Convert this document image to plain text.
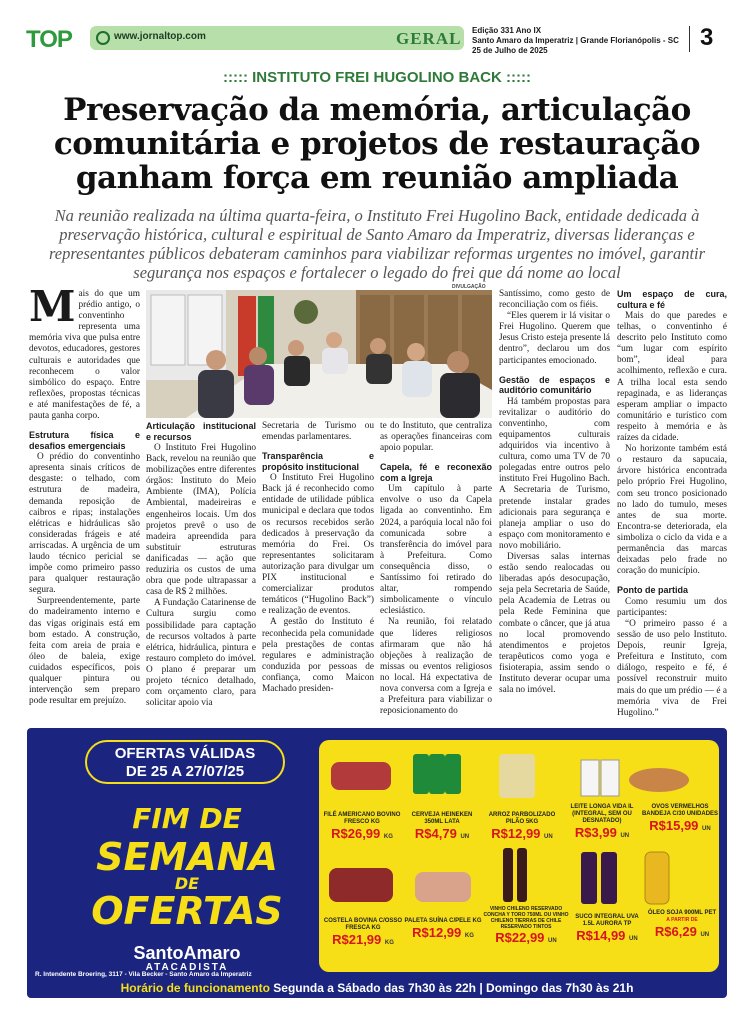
TOP	www.jornaltop.com	GERAL Edição 331 Ano IX
Santo Amaro da Imperatriz | Grande Florianópolis - SC
25 de Julho de 2025	3
::::: INSTITUTO FREI HUGOLINO BACK :::::
Preservação da memória, articulação comunitária e projetos de restauração ganham força em reunião ampliada
Na reunião realizada na última quarta-feira, o Instituto Frei Hugolino Back, entidade dedicada à preservação histórica, cultural e espiritual de Santo Amaro da Imperatriz, diversas lideranças e representantes públicos debateram caminhos para viabilizar reformas urgentes no imóvel, garantir segurança nos espaços e fortalecer o legado do frei que dá nome ao local
DIVULGAÇÃO

Mais do que um prédio antigo, o conventinho representa uma memória viva que pulsa entre devotos, educadores, gestores culturais e autoridades que reconhecem o valor simbólico do espaço. Entre reflexões, propostas técnicas e até manifestações de fé, a pauta ganha corpo.

Estrutura física e desafios emergenciais

O prédio do conventinho apresenta sinais críticos de desgaste: o telhado, com estrutura de madeira, demanda reposição de caibros e ripas; instalações elétricas e hidráulicas são consideradas frágeis e até arriscadas. A urgência de um laudo técnico pericial se impõe como primeiro passo para qualquer restauração segura.

Surpreendentemente, parte do madeiramento interno e das vigas originais está em bom estado. A construção, feita com areia de praia e óleo de baleia, exige cuidados específicos, pois qualquer pintura ou intervenção sem preparo pode resultar em prejuízo.

Articulação institucional e recursos

O Instituto Frei Hugolino Back, revelou na reunião que mobilizações entre diferentes órgãos: Instituto do Meio Ambiente (IMA), Polícia Ambiental, madeireiras e engenheiros locais. Um dos projetos prevê o uso de madeira apreendida para substituir estruturas danificadas — ação que reduziria os custos de uma obra que pode ultrapassar a casa de R$ 2 milhões.

A Fundação Catarinense de Cultura surgiu como possibilidade para captação de recursos voltados à parte elétrica, hidráulica, pintura e restauro completo do imóvel. O plano é preparar um projeto técnico detalhado, com orçamento claro, para solicitar apoio via

Secretaria de Turismo ou emendas parlamentares.

Transparência e propósito institucional

O Instituto Frei Hugolino Back já é reconhecido como entidade de utilidade pública municipal e declara que todos os recursos recebidos serão dedicados à preservação da memória do Frei. Os representantes solicitaram autorização para divulgar um PIX institucional e comercializar produtos temáticos (“Hugolino Back”) e realização de eventos.

A gestão do Instituto é reconhecida pela comunidade pela prestações de contas regulares e administração conduzida por pessoas de confiança, como Maicon Machado presiden-

te do Instituto, que centraliza as operações financeiras com apoio popular.

Capela, fé e reconexão com a Igreja

Um capítulo à parte envolve o uso da Capela ligada ao conventinho. Em 2024, a paróquia local não foi comunicada sobre a transferência do imóvel para à Prefeitura. Como consequência disso, o Santíssimo foi retirado do altar, rompendo simbolicamente o vínculo eclesiástico.

Na reunião, foi relatado que líderes religiosos afirmaram que não há objeções à realização de missas ou eventos religiosos no local. Há expectativa de nova conversa com a Igreja e a Prefeitura para viabilizar o reposicionamento do

Santíssimo, como gesto de reconciliação com os fiéis.

“Eles querem ir lá visitar o Frei Hugolino. Querem que Jesus Cristo esteja presente lá dentro”, declarou um dos participantes emocionado.

Gestão de espaços e auditório comunitário

Há também propostas para revitalizar o auditório do conventinho, com equipamentos culturais adquiridos via incentivo à cultura, como uma TV de 70 polegadas entre outros pelo instituto Frei Hugolino Bach. A Secretaria de Turismo, pretende instalar grades adicionais para segurança e planeja ampliar o uso do espaço com monitoramento e novo mobiliário.

Diversas salas internas estão sendo realocadas ou liberadas após desocupação, seja pela Secretaria de Saúde, pela Academia de Letras ou pela Rede Feminina que combate o câncer, que já atua no local promovendo atendimentos e projetos terapêuticos como yoga e fisioterapia, assim sendo o Instituto deverar ocupar uma sala no imóvel.

Um espaço de cura, cultura e fé

Mais do que paredes e telhas, o conventinho é descrito pelo Instituto como “um lugar com espírito bom”, ideal para acolhimento, reflexão e cura. A trilha local esta sendo repaginada, e as lideranças esperam ampliar o impacto comunitário e turístico com respeito à memória e às raízes da cidade.

No horizonte também está o restauro da sapucaia, árvore histórica encontrada pelo próprio Frei Hugolino, com seu tronco posicionado no lado do tumulo, meses antes de sua morte. Encontra-se deteriorada, ela simboliza o ciclo da vida e a permanência das marcas deixadas pelo frade no coração do município.

Ponto de partida

Como resumiu um dos participantes:

“O primeiro passo é a sessão de uso pelo Instituto. Depois, reunir Igreja, Prefeitura e Instituto, com diálogo, respeito e fé, é possível reconstruir muito mais do que um prédio — é a memória viva de Frei Hugolino.”

OFERTAS VÁLIDAS
DE 25 A 27/07/25
FIM DE
SEMANA
DE
OFERTAS
SantoAmaro
ATACADISTA
R. Intendente Broering, 3117 - Vila Becker - Santo Amaro da Imperatriz
FILÉ AMERICANO BOVINO FRESCO KG
R$26,99 KG
CERVEJA HEINEKEN 350ML LATA
R$4,79 UN
ARROZ PARBOLIZADO PILÃO 5KG
R$12,99 UN
LEITE LONGA VIDA IL (INTEGRAL, SEM OU DESNATADO)
R$3,99 UN
OVOS VERMELHOS BANDEJA C/30 UNIDADES
R$15,99 UN
COSTELA BOVINA C/OSSO FRESCA KG
R$21,99 KG
PALETA SUÍNA C/PELE KG
R$12,99 KG
VINHO CHILENO RESERVADO CONCHA Y TORO 750ML OU VINHO CHILENO TIERRAS DE CHILE RESERVADO TINTOS
R$22,99 UN
SUCO INTEGRAL UVA 1.5L AURORA TP
R$14,99 UN
ÓLEO SOJA 900ML PET
A PARTIR DE
R$6,29 UN
Horário de funcionamento Segunda a Sábado das 7h30 às 22h | Domingo das 7h30 às 21h
